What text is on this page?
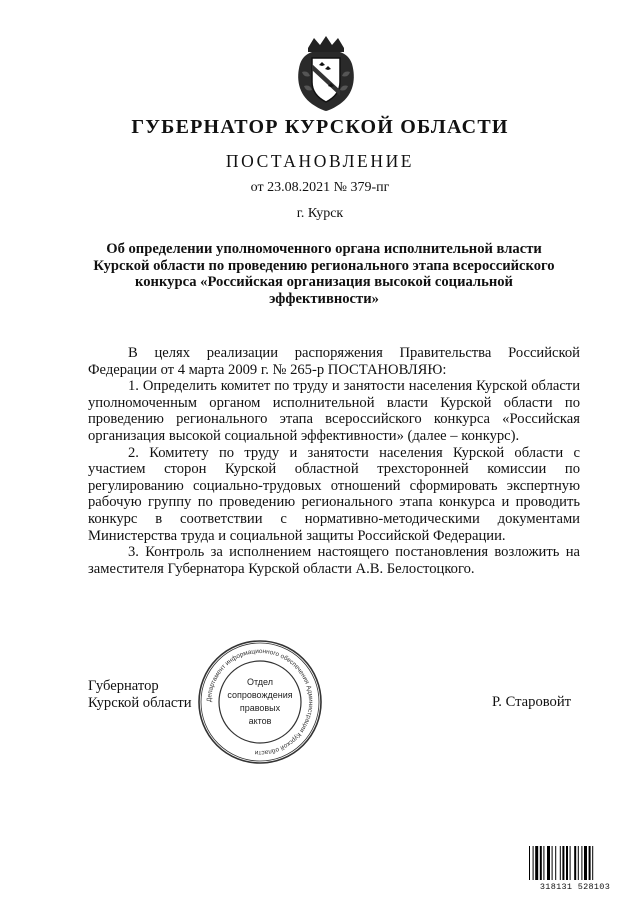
ГУБЕРНАТОР КУРСКОЙ ОБЛАСТИ
ПОСТАНОВЛЕНИЕ
от 23.08.2021 № 379-пг
г. Курск
Об определении уполномоченного органа исполнительной власти Курской области по проведению регионального этапа всероссийского конкурса «Российская организация высокой социальной эффективности»

В целях реализации распоряжения Правительства Российской Федерации от 4 марта 2009 г. № 265-р ПОСТАНОВЛЯЮ:

1. Определить комитет по труду и занятости населения Курской области уполномоченным органом исполнительной власти Курской области по проведению регионального этапа всероссийского конкурса «Российская организация высокой социальной эффективности» (далее – конкурс).

2. Комитету по труду и занятости населения Курской области с участием сторон Курской областной трехсторонней комиссии по регулированию социально-трудовых отношений сформировать экспертную рабочую группу по проведению регионального этапа конкурса и проводить конкурс в соответствии с нормативно-методическими документами Министерства труда и социальной защиты Российской Федерации.

3. Контроль за исполнением настоящего постановления возложить на заместителя Губернатора Курской области А.В. Белостоцкого.

Губернатор
Курской области	Р. Старовойт
Департамент информационного обеспечения Администрации Курской области
Отдел
сопровождения
правовых
актов
318131 528103
